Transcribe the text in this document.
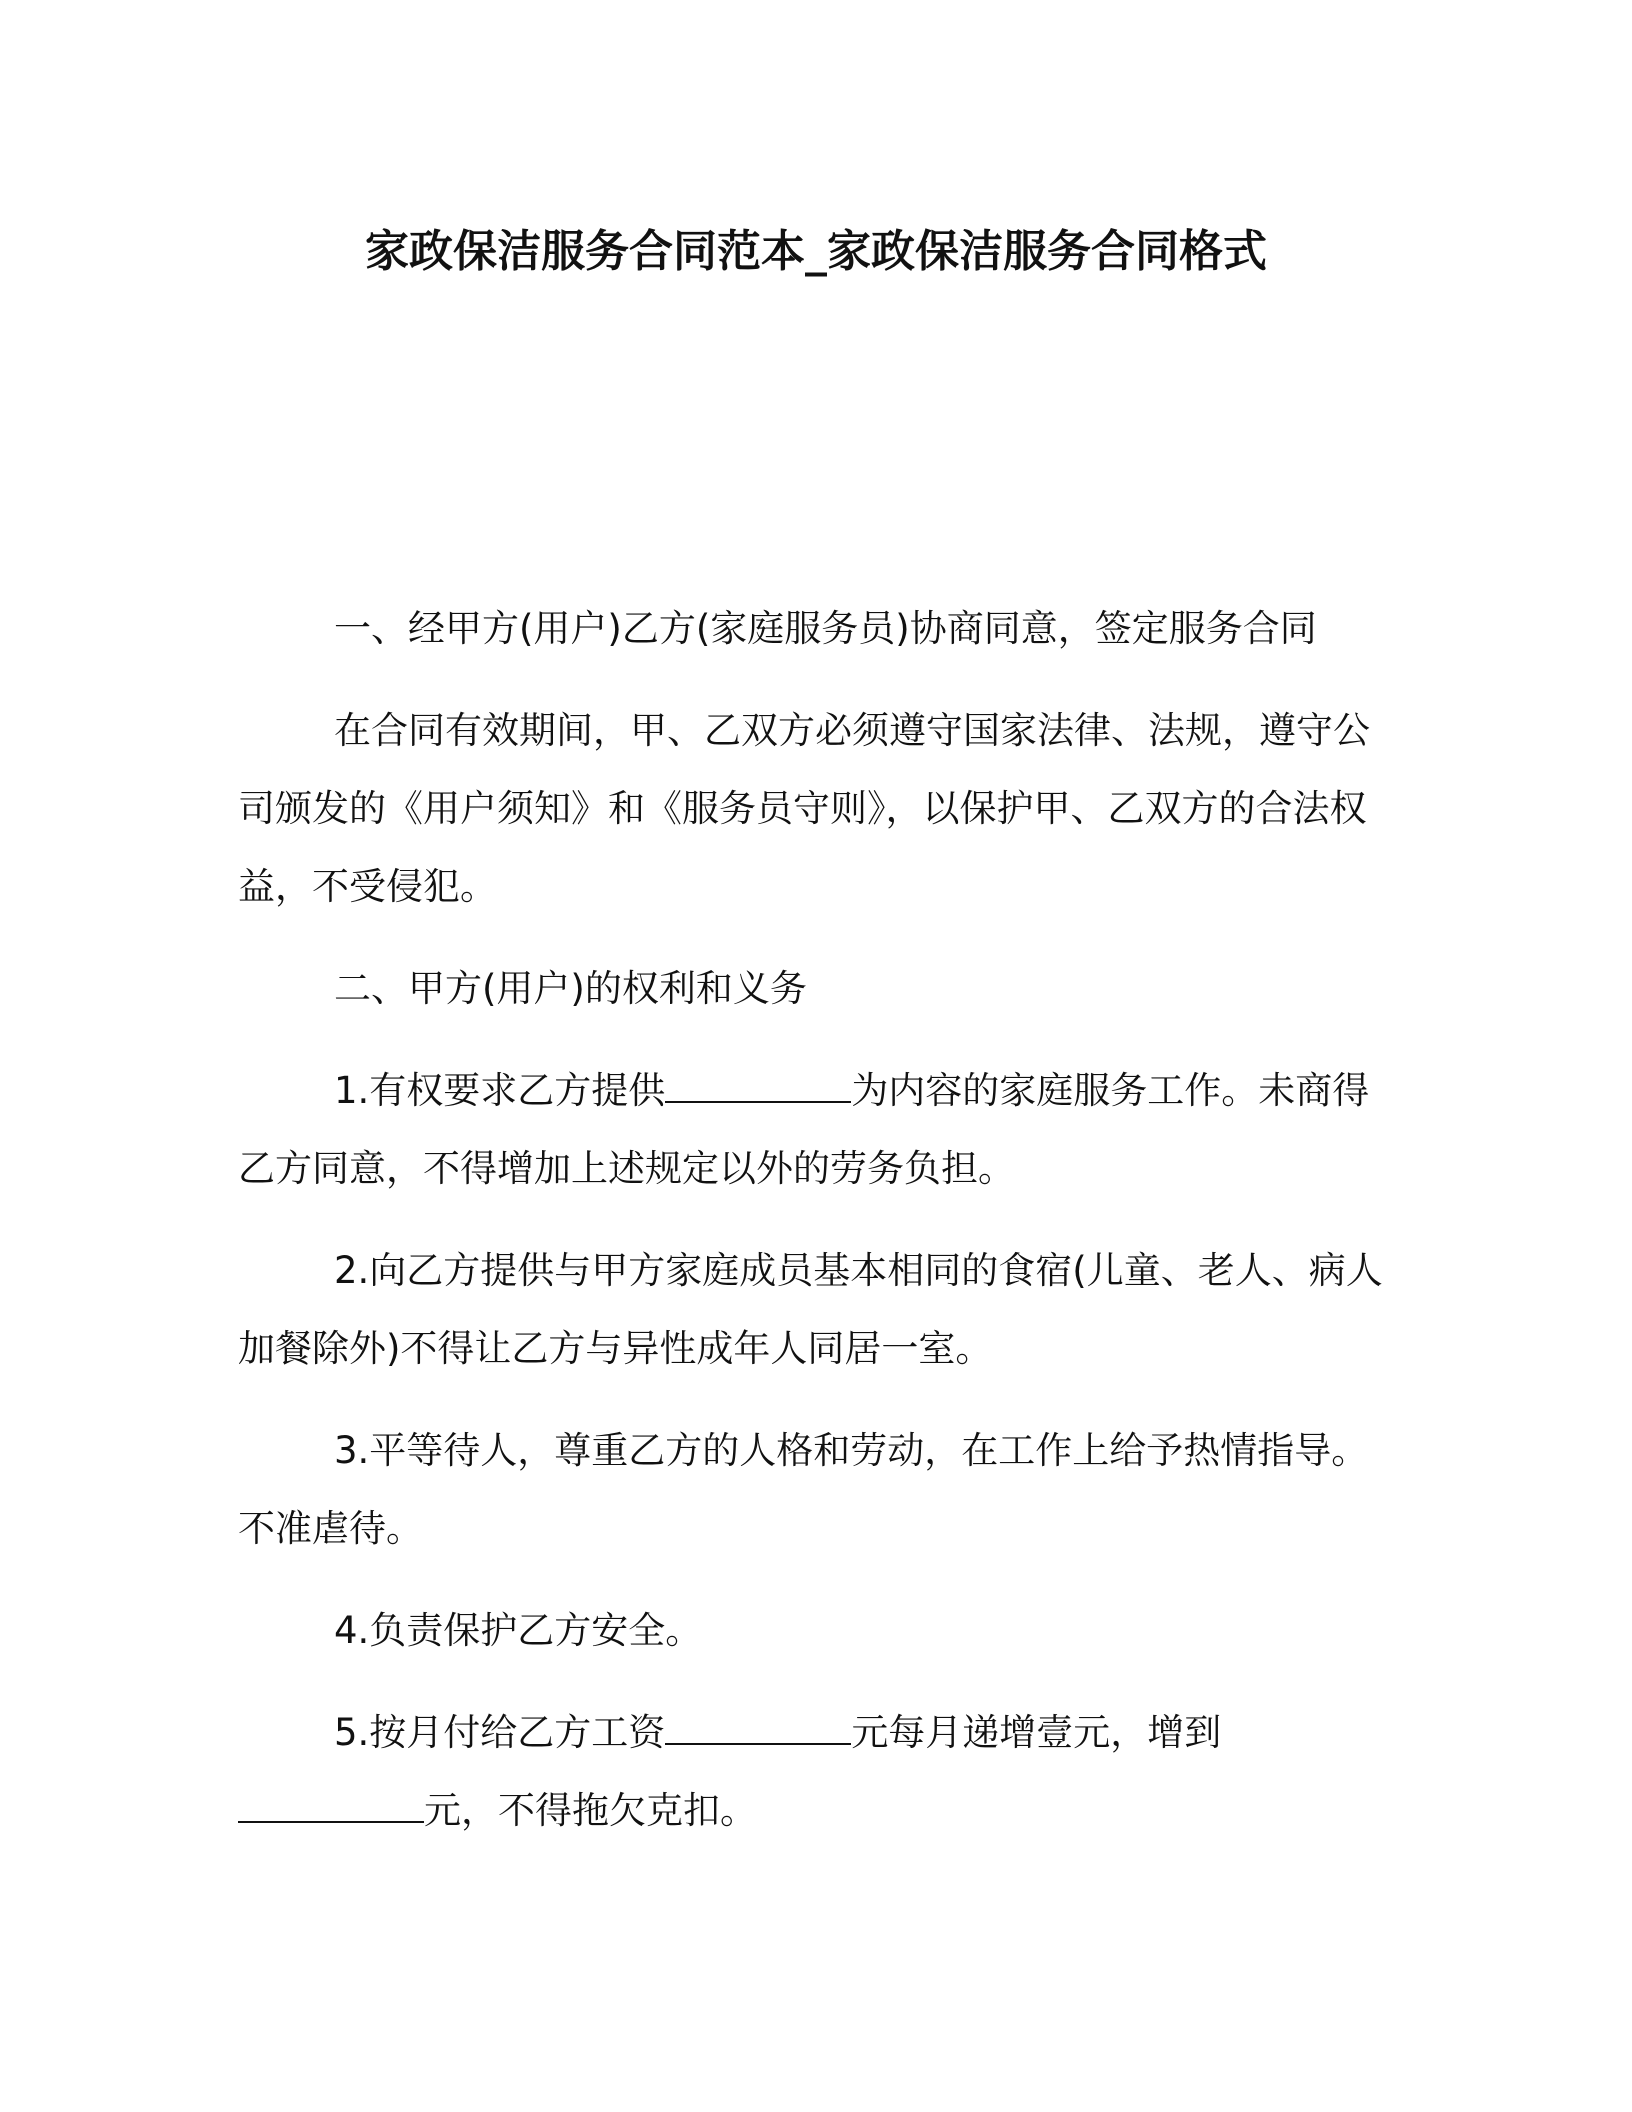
家政保洁服务合同范本_家政保洁服务合同格式

一、经甲方(用户)乙方(家庭服务员)协商同意，签定服务合同

在合同有效期间，甲、乙双方必须遵守国家法律、法规，遵守公司颁发的《用户须知》和《服务员守则》，以保护甲、乙双方的合法权益，不受侵犯。

二、甲方(用户)的权利和义务

1.有权要求乙方提供	为内容的家庭服务工作。未商得乙方同意，不得增加上述规定以外的劳务负担。

2.向乙方提供与甲方家庭成员基本相同的食宿(儿童、老人、病人加餐除外)不得让乙方与异性成年人同居一室。

3.平等待人，尊重乙方的人格和劳动，在工作上给予热情指导。不准虐待。

4.负责保护乙方安全。

5.按月付给乙方工资	元每月递增壹元，增到元，不得拖欠克扣。
